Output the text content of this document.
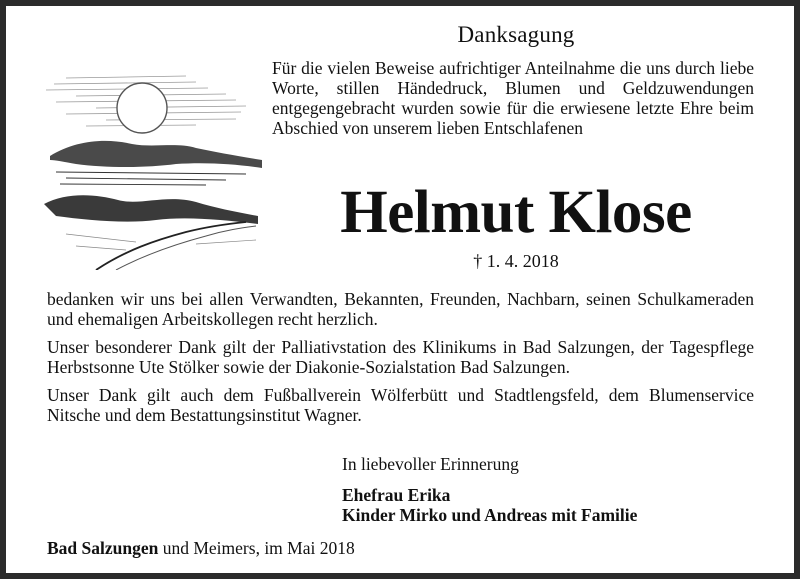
Danksagung

Für die vielen Beweise aufrichtiger Anteilnahme die uns durch liebe Worte, stillen Händedruck, Blumen und Geldzuwendungen entgegengebracht wurden sowie für die erwiesene letzte Ehre beim Abschied von unserem lieben Entschlafenen

Helmut Klose
† 1. 4. 2018

bedanken wir uns bei allen Verwandten, Bekannten, Freunden, Nachbarn, seinen Schulkameraden und ehemaligen Arbeitskollegen recht herzlich.

Unser besonderer Dank gilt der Palliativstation des Klinikums in Bad Salzungen, der Tagespflege Herbstsonne Ute Stölker sowie der Diakonie-Sozialstation Bad Salzungen.

Unser Dank gilt auch dem Fußballverein Wölferbütt und Stadtlengsfeld, dem Blumenservice Nitsche und dem Bestattungsinstitut Wagner.

In liebevoller Erinnerung
Ehefrau Erika
Kinder Mirko und Andreas mit Familie
Bad Salzungen und Meimers, im Mai 2018
